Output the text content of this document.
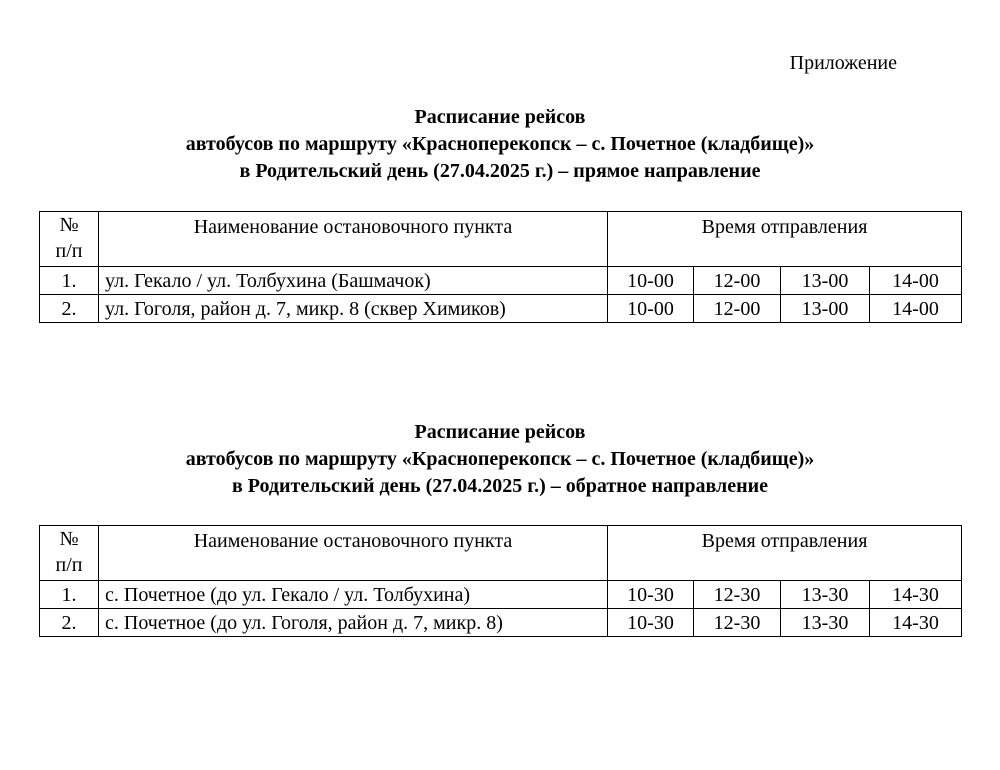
Приложение
Расписание рейсов
автобусов по маршруту «Красноперекопск – с. Почетное (кладбище)»
в Родительский день (27.04.2025 г.) – прямое направление
№
п/п	Наименование остановочного пункта	Время отправления			
1.	ул. Гекало / ул. Толбухина (Башмачок)	10-00	12-00	13-00	14-00
2.	ул. Гоголя, район д. 7, микр. 8 (сквер Химиков)	10-00	12-00	13-00	14-00
Расписание рейсов
автобусов по маршруту «Красноперекопск – с. Почетное (кладбище)»
в Родительский день (27.04.2025 г.) – обратное направление
№
п/п	Наименование остановочного пункта	Время отправления			
1.	с. Почетное (до ул. Гекало / ул. Толбухина)	10-30	12-30	13-30	14-30
2.	с. Почетное (до ул. Гоголя, район д. 7, микр. 8)	10-30	12-30	13-30	14-30
